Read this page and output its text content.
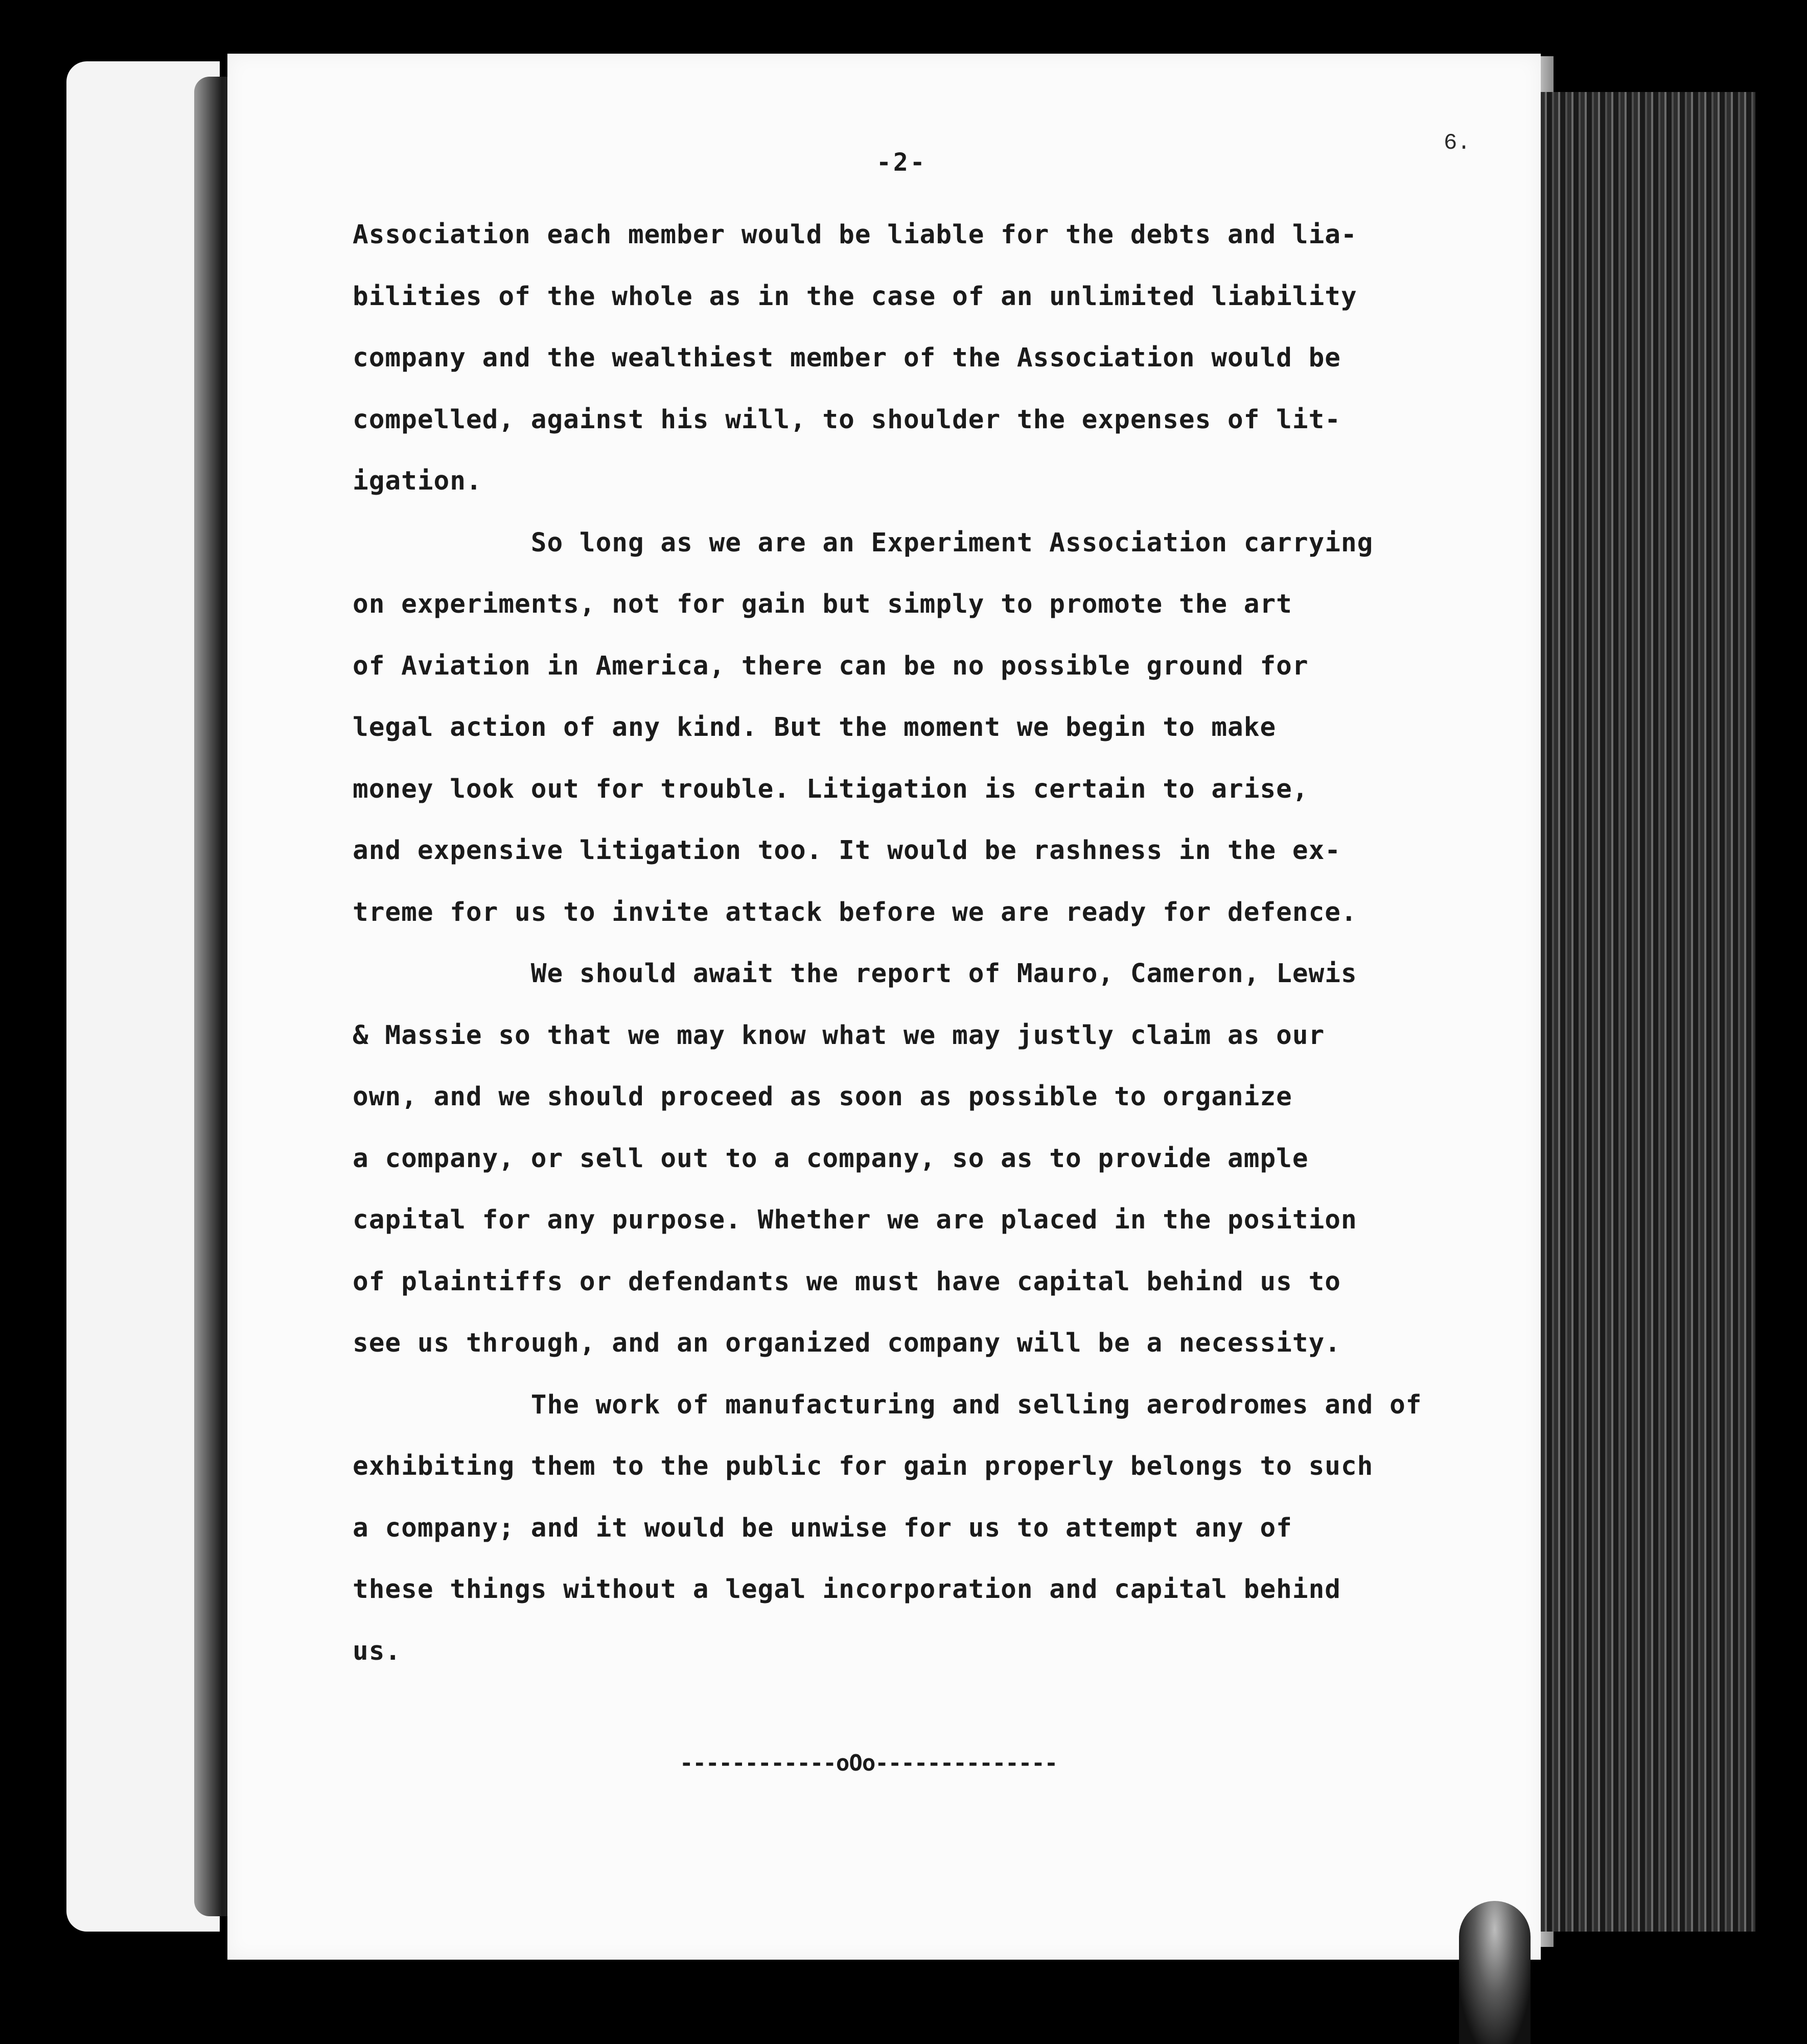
-2-
6.
Association each member would be liable for the debts and lia-
bilities of the whole as in the case of an unlimited liability
company and the wealthiest member of the Association would be
compelled, against his will, to shoulder the expenses of lit-
igation.
So long as we are an Experiment Association carrying
on experiments, not for gain but simply to promote the art
of Aviation in America, there can be no possible ground for
legal action of any kind. But the moment we begin to make
money look out for trouble. Litigation is certain to arise,
and expensive litigation too. It would be rashness in the ex-
treme for us to invite attack before we are ready for defence.
We should await the report of Mauro, Cameron, Lewis
& Massie so that we may know what we may justly claim as our
own, and we should proceed as soon as possible to organize
a company, or sell out to a company, so as to provide ample
capital for any purpose. Whether we are placed in the position
of plaintiffs or defendants we must have capital behind us to
see us through, and an organized company will be a necessity.
The work of manufacturing and selling aerodromes and of
exhibiting them to the public for gain properly belongs to such
a company; and it would be unwise for us to attempt any of
these things without a legal incorporation and capital behind
us.
------------oOo--------------
